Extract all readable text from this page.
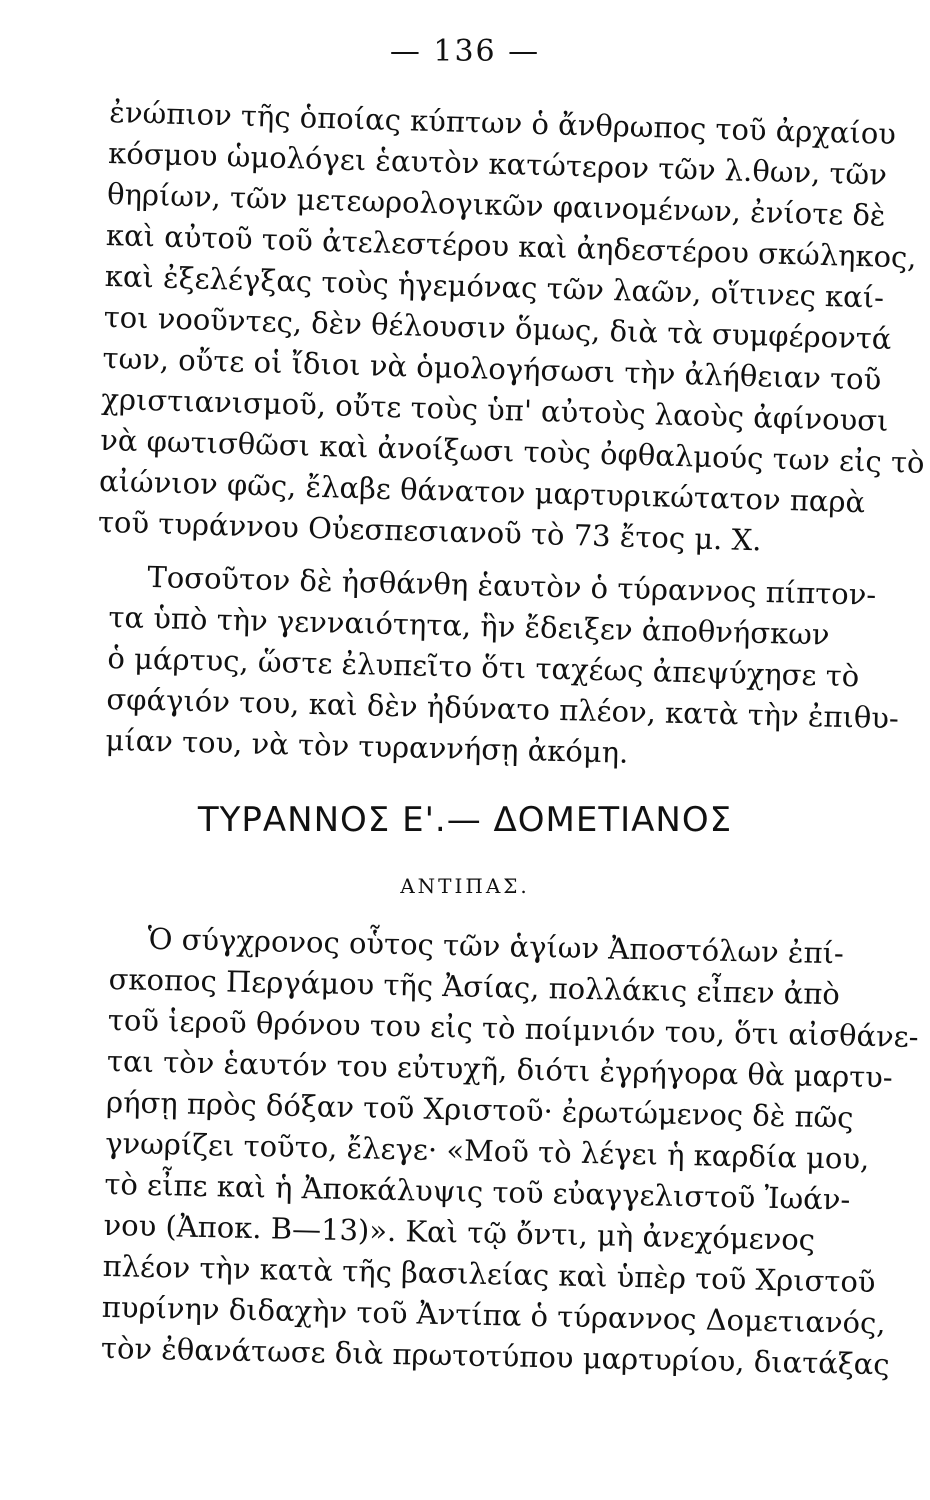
— 136 —

ἐνώπιον τῆς ὁποίας κύπτων ὁ ἄνθρωπος τοῦ ἀρχαίου
κόσμου ὡμολόγει ἑαυτὸν κατώτερον τῶν λ.θων, τῶν
θηρίων, τῶν μετεωρολογικῶν φαινομένων, ἐνίοτε δὲ
καὶ αὐτοῦ τοῦ ἀτελεστέρου καὶ ἀηδεστέρου σκώληκος,
καὶ ἐξελέγξας τοὺς ἡγεμόνας τῶν λαῶν, οἵτινες καί-
τοι νοοῦντες, δὲν θέλουσιν ὅμως, διὰ τὰ συμφέροντά
των, οὔτε οἱ ἴδιοι νὰ ὁμολογήσωσι τὴν ἀλήθειαν τοῦ
χριστιανισμοῦ, οὔτε τοὺς ὑπ' αὐτοὺς λαοὺς ἀφίνουσι
νὰ φωτισθῶσι καὶ ἀνοίξωσι τοὺς ὀφθαλμούς των εἰς τὸ
αἰώνιον φῶς, ἔλαβε θάνατον μαρτυρικώτατον παρὰ
τοῦ τυράννου Οὐεσπεσιανοῦ τὸ 73 ἔτος μ. Χ.

Τοσοῦτον δὲ ἠσθάνθη ἑαυτὸν ὁ τύραννος πίπτον-
τα ὑπὸ τὴν γενναιότητα, ἣν ἔδειξεν ἀποθνήσκων
ὁ μάρτυς, ὥστε ἐλυπεῖτο ὅτι ταχέως ἀπεψύχησε τὸ
σφάγιόν του, καὶ δὲν ἠδύνατο πλέον, κατὰ τὴν ἐπιθυ-
μίαν του, νὰ τὸν τυραννήσῃ ἀκόμη.

ΤΥΡΑΝΝΟΣ Ε'.— ΔΟΜΕΤΙΑΝΟΣ
ΑΝΤΙΠΑΣ.

Ὁ σύγχρονος οὗτος τῶν ἁγίων Ἀποστόλων ἐπί-
σκοπος Περγάμου τῆς Ἀσίας, πολλάκις εἶπεν ἀπὸ
τοῦ ἱεροῦ θρόνου του εἰς τὸ ποίμνιόν του, ὅτι αἰσθάνε-
ται τὸν ἑαυτόν του εὐτυχῆ, διότι ἐγρήγορα θὰ μαρτυ-
ρήσῃ πρὸς δόξαν τοῦ Χριστοῦ· ἐρωτώμενος δὲ πῶς
γνωρίζει τοῦτο, ἔλεγε· «Μοῦ τὸ λέγει ἡ καρδία μου,
τὸ εἶπε καὶ ἡ Ἀποκάλυψις τοῦ εὐαγγελιστοῦ Ἰωάν-
νου (Ἀποκ. Β—13)». Καὶ τῷ ὄντι, μὴ ἀνεχόμενος
πλέον τὴν κατὰ τῆς βασιλείας καὶ ὑπὲρ τοῦ Χριστοῦ
πυρίνην διδαχὴν τοῦ Ἀντίπα ὁ τύραννος Δομετιανός,
τὸν ἐθανάτωσε διὰ πρωτοτύπου μαρτυρίου, διατάξας
